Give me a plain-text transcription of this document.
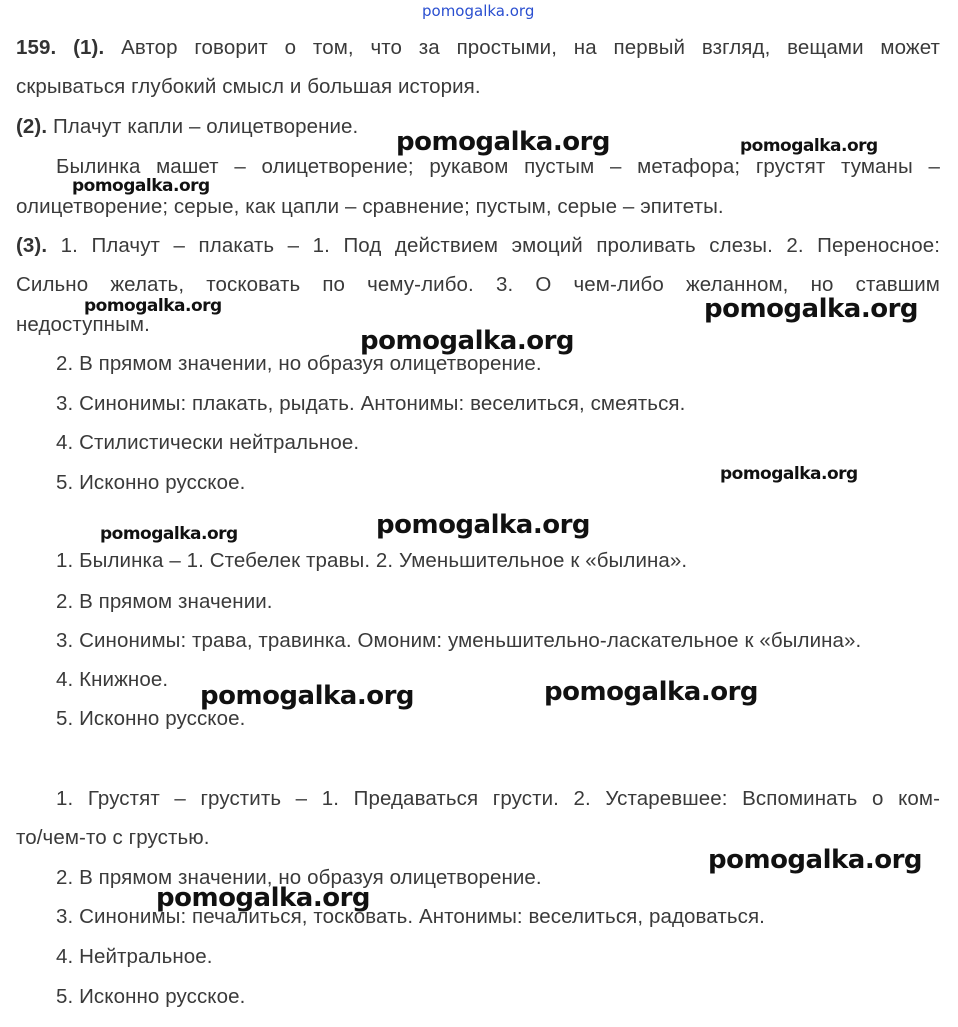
pomogalka.org
159. (1). Автор говорит о том, что за простыми, на первый взгляд, вещами может
скрываться глубокий смысл и большая история.
(2). Плачут капли – олицетворение.
Былинка машет – олицетворение; рукавом пустым – метафора; грустят туманы –
олицетворение; серые, как цапли – сравнение; пустым, серые – эпитеты.
(3). 1. Плачут – плакать – 1. Под действием эмоций проливать слезы. 2. Переносное:
Сильно желать, тосковать по чему-либо. 3. О чем-либо желанном, но ставшим
недоступным.
2. В прямом значении, но образуя олицетворение.
3. Синонимы: плакать, рыдать. Антонимы: веселиться, смеяться.
4. Стилистически нейтральное.
5. Исконно русское.
1. Былинка – 1. Стебелек травы. 2. Уменьшительное к «былина».
2. В прямом значении.
3. Синонимы: трава, травинка. Омоним: уменьшительно-ласкательное к «былина».
4. Книжное.
5. Исконно русское.
1. Грустят – грустить – 1. Предаваться грусти. 2. Устаревшее: Вспоминать о ком-
то/чем-то с грустью.
2. В прямом значении, но образуя олицетворение.
3. Синонимы: печалиться, тосковать. Антонимы: веселиться, радоваться.
4. Нейтральное.
5. Исконно русское.
pomogalka.org	pomogalka.org
pomogalka.org
pomogalka.org	pomogalka.org
pomogalka.org
pomogalka.org
pomogalka.org	pomogalka.org
pomogalka.org	pomogalka.org
pomogalka.org
pomogalka.org
